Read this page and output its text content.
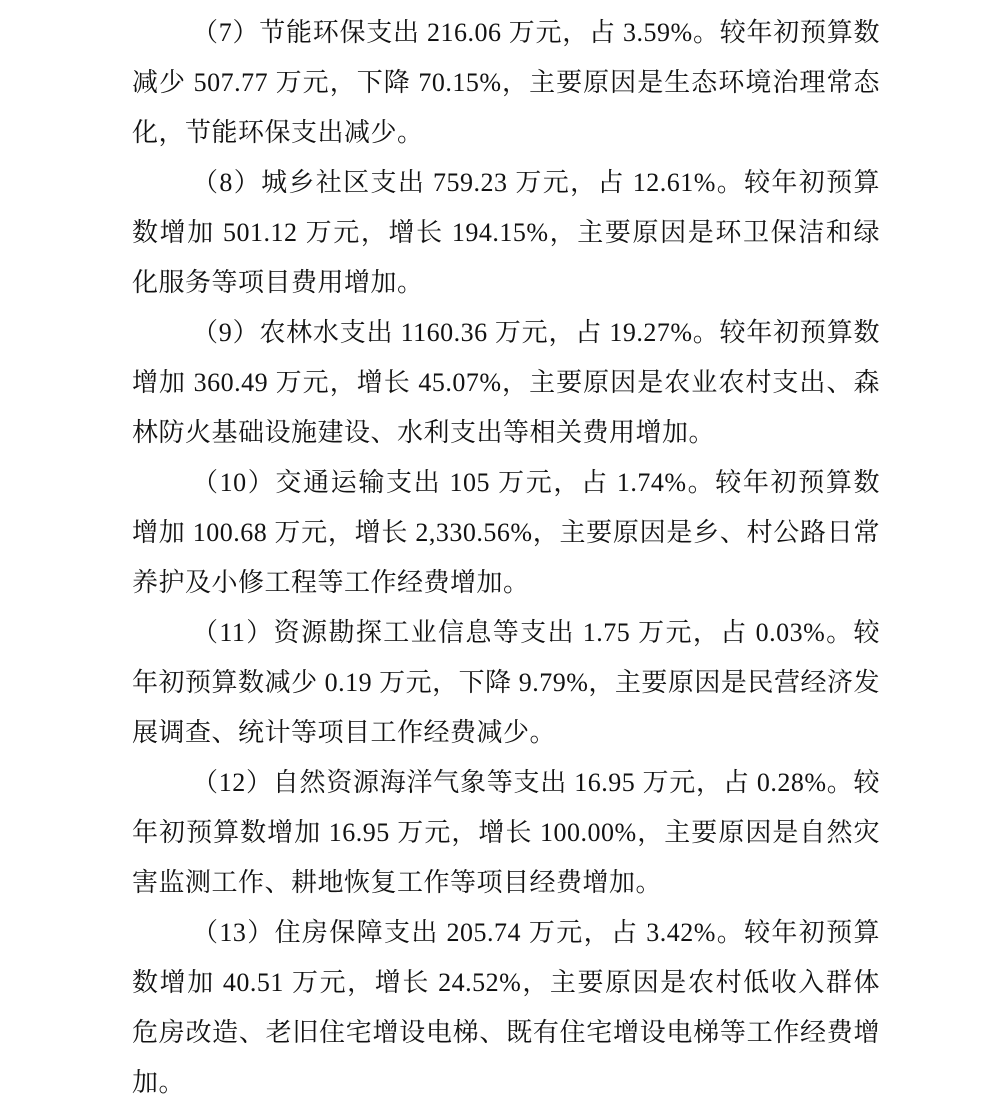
（7）节能环保支出 216.06 万元，占 3.59%。较年初预算数减少 507.77 万元，下降 70.15%，主要原因是生态环境治理常态化，节能环保支出减少。

（8）城乡社区支出 759.23 万元，占 12.61%。较年初预算数增加 501.12 万元，增长 194.15%，主要原因是环卫保洁和绿化服务等项目费用增加。

（9）农林水支出 1160.36 万元，占 19.27%。较年初预算数增加 360.49 万元，增长 45.07%，主要原因是农业农村支出、森林防火基础设施建设、水利支出等相关费用增加。

（10）交通运输支出 105 万元，占 1.74%。较年初预算数增加 100.68 万元，增长 2,330.56%，主要原因是乡、村公路日常养护及小修工程等工作经费增加。

（11）资源勘探工业信息等支出 1.75 万元，占 0.03%。较年初预算数减少 0.19 万元，下降 9.79%，主要原因是民营经济发展调查、统计等项目工作经费减少。

（12）自然资源海洋气象等支出 16.95 万元，占 0.28%。较年初预算数增加 16.95 万元，增长 100.00%，主要原因是自然灾害监测工作、耕地恢复工作等项目经费增加。

（13）住房保障支出 205.74 万元，占 3.42%。较年初预算数增加 40.51 万元，增长 24.52%，主要原因是农村低收入群体危房改造、老旧住宅增设电梯、既有住宅增设电梯等工作经费增加。
